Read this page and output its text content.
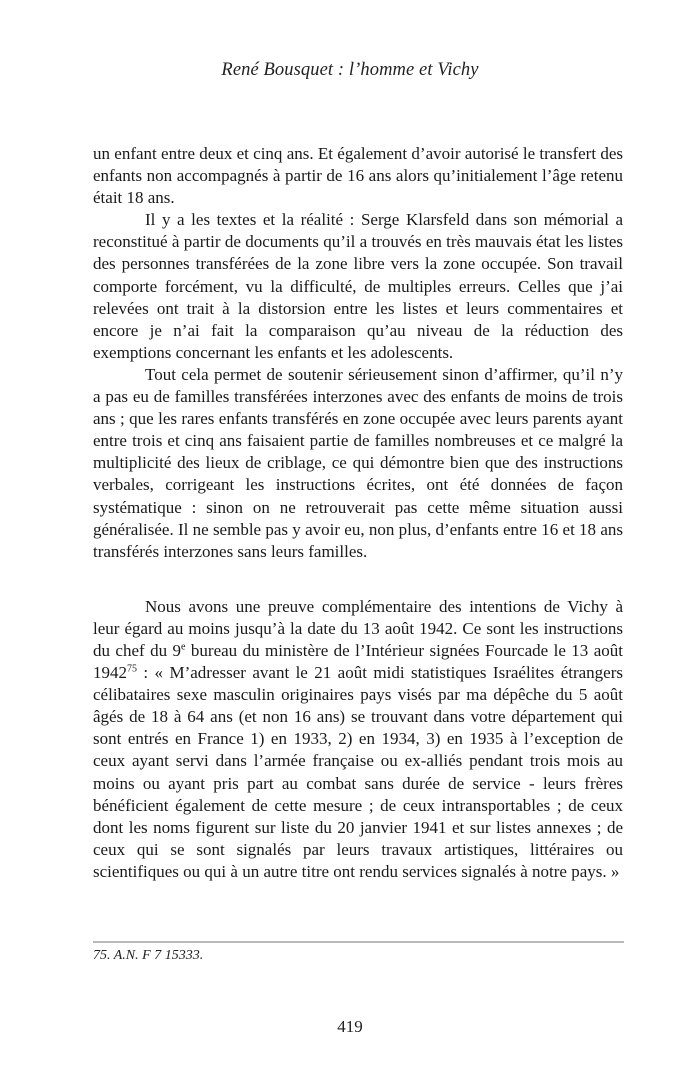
René Bousquet : l’homme et Vichy

un enfant entre deux et cinq ans. Et également d’avoir autorisé le transfert des enfants non accompagnés à partir de 16 ans alors qu’initialement l’âge retenu était 18 ans.

Il y a les textes et la réalité : Serge Klarsfeld dans son mémorial a reconstitué à partir de documents qu’il a trouvés en très mauvais état les listes des personnes transférées de la zone libre vers la zone occupée. Son travail comporte forcément, vu la difficulté, de multiples erreurs. Celles que j’ai relevées ont trait à la distorsion entre les listes et leurs commentaires et encore je n’ai fait la comparaison qu’au niveau de la réduction des exemptions concernant les enfants et les adolescents.

Tout cela permet de soutenir sérieusement sinon d’affirmer, qu’il n’y a pas eu de familles transférées interzones avec des enfants de moins de trois ans ; que les rares enfants transférés en zone occupée avec leurs parents ayant entre trois et cinq ans faisaient partie de familles nombreuses et ce malgré la multiplicité des lieux de criblage, ce qui démontre bien que des instructions verbales, corrigeant les instructions écrites, ont été données de façon systématique : sinon on ne retrouverait pas cette même situation aussi généralisée. Il ne semble pas y avoir eu, non plus, d’enfants entre 16 et 18 ans transférés interzones sans leurs familles.

Nous avons une preuve complémentaire des intentions de Vichy à leur égard au moins jusqu’à la date du 13 août 1942. Ce sont les instructions du chef du 9e bureau du ministère de l’Intérieur signées Fourcade le 13 août 1942$^{75}$ : « M’adresser avant le 21 août midi statistiques Israélites étrangers célibataires sexe masculin originaires pays visés par ma dépêche du 5 août âgés de 18 à 64 ans (et non 16 ans) se trouvant dans votre département qui sont entrés en France 1) en 1933, 2) en 1934, 3) en 1935 à l’exception de ceux ayant servi dans l’armée française ou ex-alliés pendant trois mois au moins ou ayant pris part au combat sans durée de service - leurs frères bénéficient également de cette mesure ; de ceux intransportables ; de ceux dont les noms figurent sur liste du 20 janvier 1941 et sur listes annexes ; de ceux qui se sont signalés par leurs travaux artistiques, littéraires ou scientifiques ou qui à un autre titre ont rendu services signalés à notre pays. »

75. A.N. F 7 15333.
419
